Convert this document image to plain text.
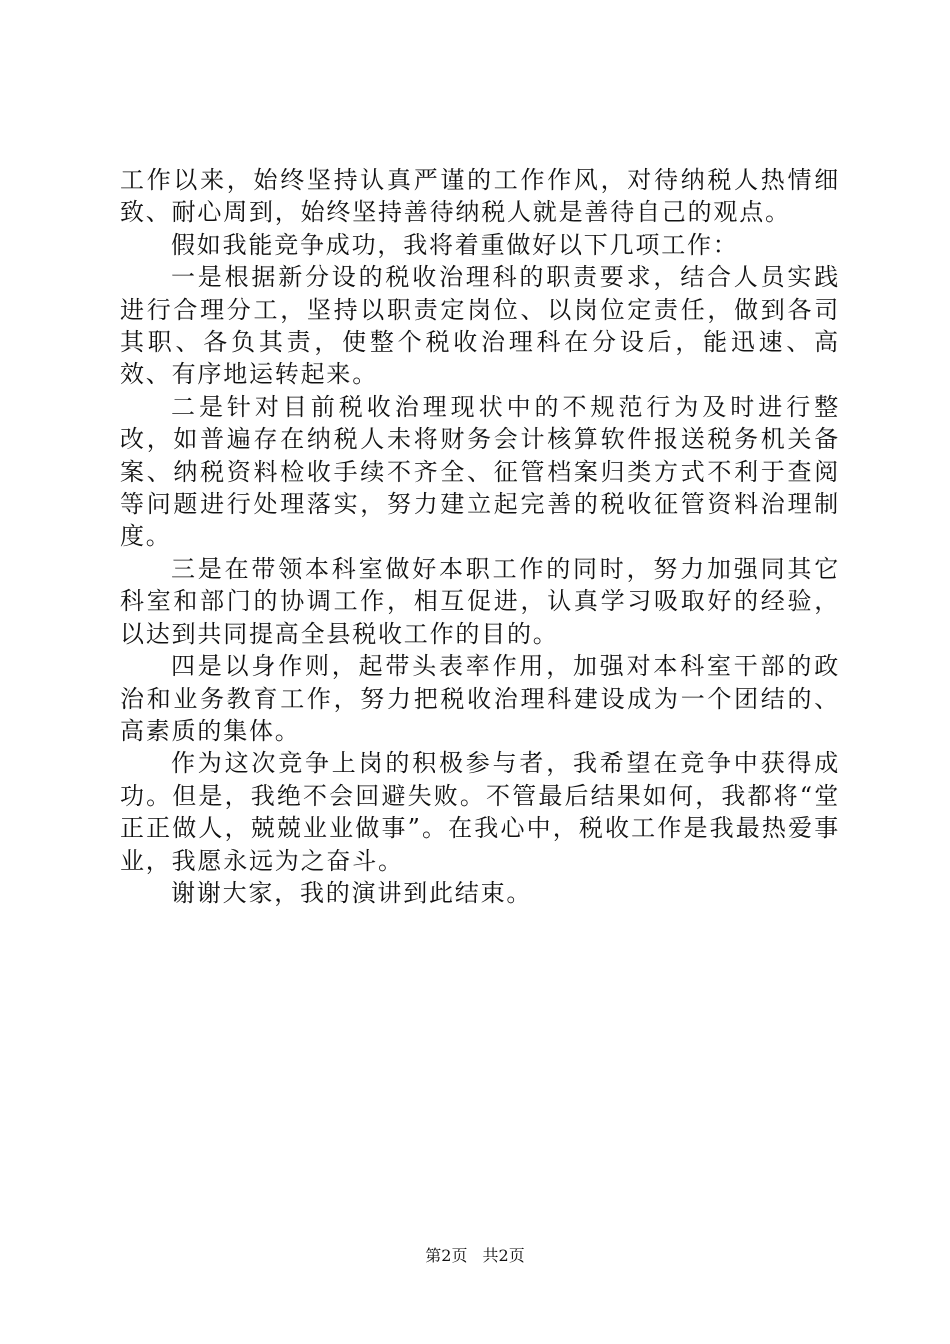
工作以来，始终坚持认真严谨的工作作风，对待纳税人热情细致、耐心周到，始终坚持善待纳税人就是善待自己的观点。

假如我能竞争成功，我将着重做好以下几项工作：

一是根据新分设的税收治理科的职责要求，结合人员实践进行合理分工，坚持以职责定岗位、以岗位定责任，做到各司其职、各负其责，使整个税收治理科在分设后，能迅速、高效、有序地运转起来。

二是针对目前税收治理现状中的不规范行为及时进行整改，如普遍存在纳税人未将财务会计核算软件报送税务机关备案、纳税资料检收手续不齐全、征管档案归类方式不利于查阅等问题进行处理落实，努力建立起完善的税收征管资料治理制度。

三是在带领本科室做好本职工作的同时，努力加强同其它科室和部门的协调工作，相互促进，认真学习吸取好的经验，以达到共同提高全县税收工作的目的。

四是以身作则，起带头表率作用，加强对本科室干部的政治和业务教育工作，努力把税收治理科建设成为一个团结的、高素质的集体。

作为这次竞争上岗的积极参与者，我希望在竞争中获得成功。但是，我绝不会回避失败。不管最后结果如何，我都将“堂正正做人，兢兢业业做事”。在我心中，税收工作是我最热爱事业，我愿永远为之奋斗。

谢谢大家，我的演讲到此结束。

第2页 共2页
